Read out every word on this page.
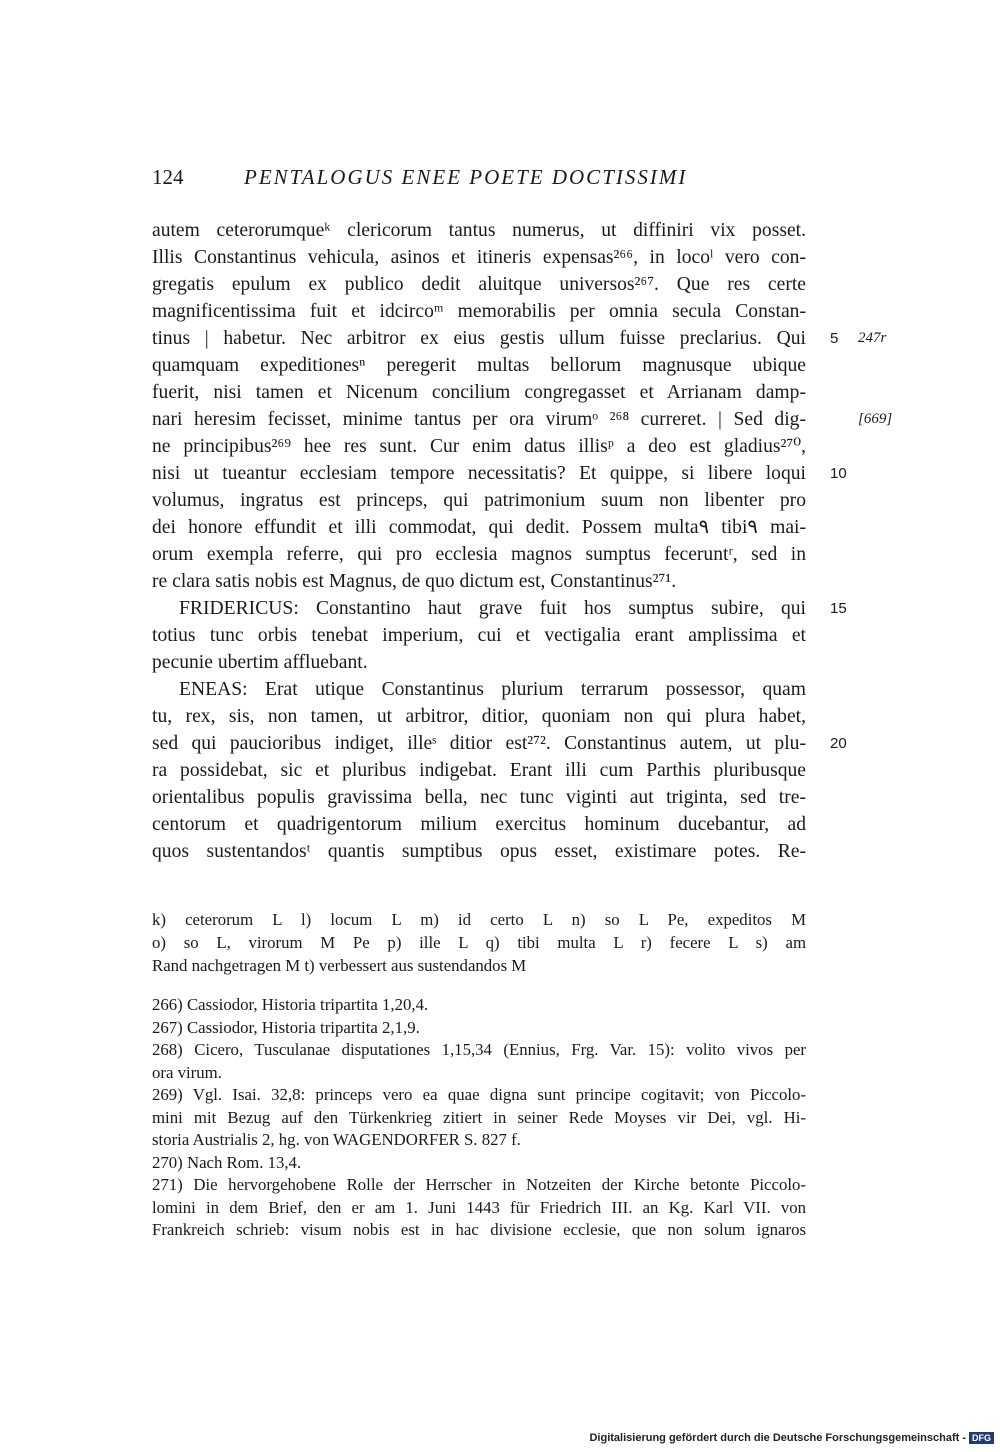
124	PENTALOGUS ENEE POETE DOCTISSIMI
autem ceterorumqueᵏ clericorum tantus numerus, ut diffiniri vix posset.
Illis Constantinus vehicula, asinos et itineris expensas²⁶⁶, in locoˡ vero con-
gregatis epulum ex publico dedit aluitque universos²⁶⁷. Que res certe
magnificentissima fuit et idcircoᵐ memorabilis per omnia secula Constan-
tinus | habetur. Nec arbitror ex eius gestis ullum fuisse preclarius. Qui 5 247r
quamquam expeditionesⁿ peregerit multas bellorum magnusque ubique
fuerit, nisi tamen et Nicenum concilium congregasset et Arrianam damp-
nari heresim fecisset, minime tantus per ora virumᵒ ²⁶⁸ curreret. | Sed dig-	[669]
ne principibus²⁶⁹ hee res sunt. Cur enim datus illisᵖ a deo est gladius²⁷⁰,
nisi ut tueantur ecclesiam tempore necessitatis? Et quippe, si libere loqui 10
volumus, ingratus est princeps, qui patrimonium suum non libenter pro
dei honore effundit et illi commodat, qui dedit. Possem multa۹ tibi۹ mai-
orum exempla referre, qui pro ecclesia magnos sumptus feceruntʳ, sed in
re clara satis nobis est Magnus, de quo dictum est, Constantinus²⁷¹.
FRIDERICUS: Constantino haut grave fuit hos sumptus subire, qui 15
totius tunc orbis tenebat imperium, cui et vectigalia erant amplissima et
pecunie ubertim affluebant.
ENEAS: Erat utique Constantinus plurium terrarum possessor, quam
tu, rex, sis, non tamen, ut arbitror, ditior, quoniam non qui plura habet,
sed qui paucioribus indiget, illeˢ ditior est²⁷². Constantinus autem, ut plu- 20
ra possidebat, sic et pluribus indigebat. Erant illi cum Parthis pluribusque
orientalibus populis gravissima bella, nec tunc viginti aut triginta, sed tre-
centorum et quadrigentorum milium exercitus hominum ducebantur, ad
quos sustentandosᵗ quantis sumptibus opus esset, existimare potes. Re-
k) ceterorum L l) locum L m) id certo L n) so L Pe, expeditos M
o) so L, virorum M Pe p) ille L q) tibi multa L r) fecere L s) am
Rand nachgetragen M t) verbessert aus sustendandos M
266) Cassiodor, Historia tripartita 1,20,4.
267) Cassiodor, Historia tripartita 2,1,9.
268) Cicero, Tusculanae disputationes 1,15,34 (Ennius, Frg. Var. 15): volito vivos per
ora virum.
269) Vgl. Isai. 32,8: princeps vero ea quae digna sunt principe cogitavit; von Piccolo-
mini mit Bezug auf den Türkenkrieg zitiert in seiner Rede Moyses vir Dei, vgl. Hi-
storia Austrialis 2, hg. von WAGENDORFER S. 827 f.
270) Nach Rom. 13,4.
271) Die hervorgehobene Rolle der Herrscher in Notzeiten der Kirche betonte Piccolo-
lomini in dem Brief, den er am 1. Juni 1443 für Friedrich III. an Kg. Karl VII. von
Frankreich schrieb: visum nobis est in hac divisione ecclesie, que non solum ignaros
Digitalisierung gefördert durch die Deutsche Forschungsgemeinschaft - DFG
